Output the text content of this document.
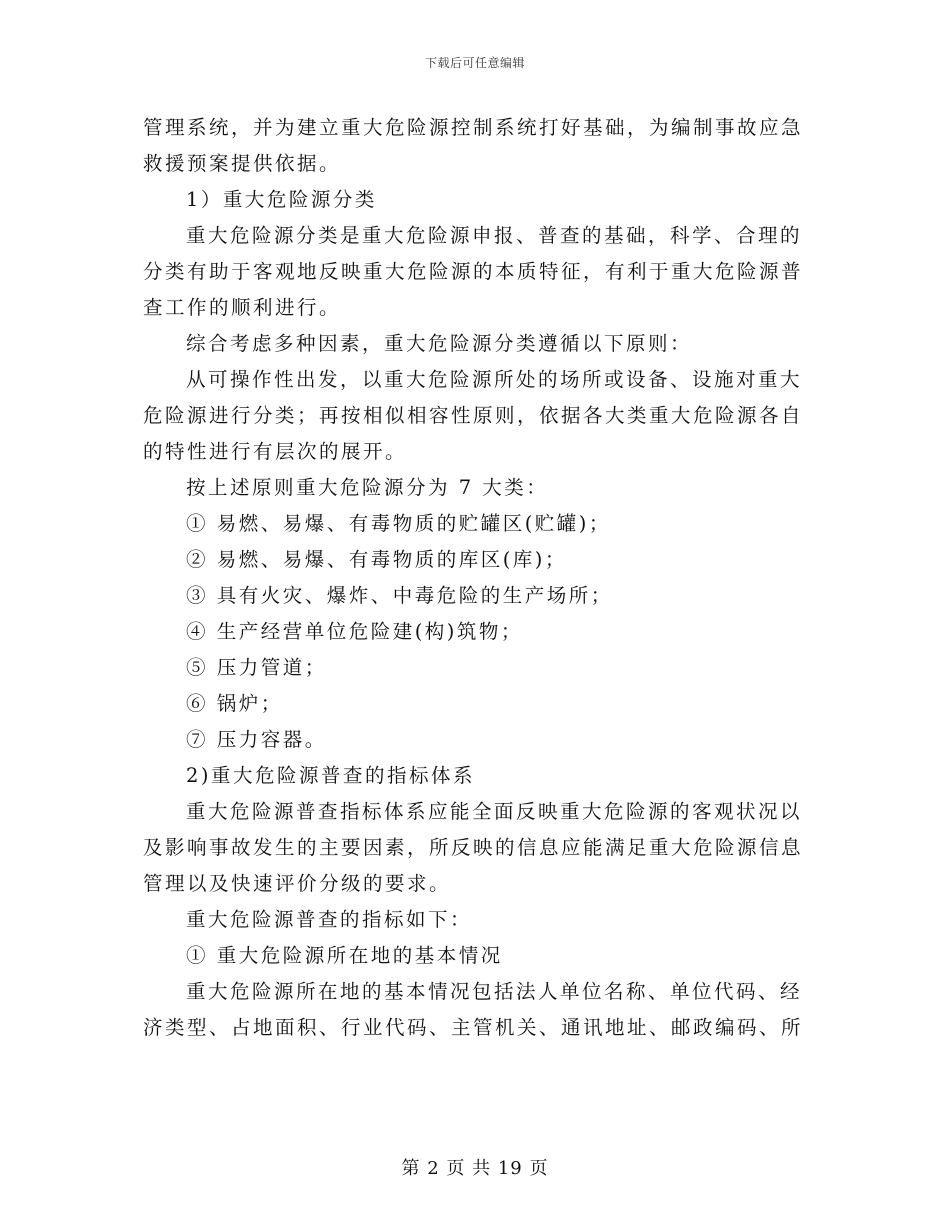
下载后可任意编辑
管理系统，并为建立重大危险源控制系统打好基础，为编制事故应急
救援预案提供依据。
1）重大危险源分类
重大危险源分类是重大危险源申报、普查的基础，科学、合理的
分类有助于客观地反映重大危险源的本质特征，有利于重大危险源普
查工作的顺利进行。
综合考虑多种因素，重大危险源分类遵循以下原则：
从可操作性出发，以重大危险源所处的场所或设备、设施对重大
危险源进行分类；再按相似相容性原则，依据各大类重大危险源各自
的特性进行有层次的展开。
按上述原则重大危险源分为 7 大类：
① 易燃、易爆、有毒物质的贮罐区(贮罐)；
② 易燃、易爆、有毒物质的库区(库)；
③ 具有火灾、爆炸、中毒危险的生产场所；
④ 生产经营单位危险建(构)筑物；
⑤ 压力管道；
⑥ 锅炉；
⑦ 压力容器。
2)重大危险源普查的指标体系
重大危险源普查指标体系应能全面反映重大危险源的客观状况以
及影响事故发生的主要因素，所反映的信息应能满足重大危险源信息
管理以及快速评价分级的要求。
重大危险源普查的指标如下：
① 重大危险源所在地的基本情况
重大危险源所在地的基本情况包括法人单位名称、单位代码、经
济类型、占地面积、行业代码、主管机关、通讯地址、邮政编码、所
第 2 页 共 19 页
